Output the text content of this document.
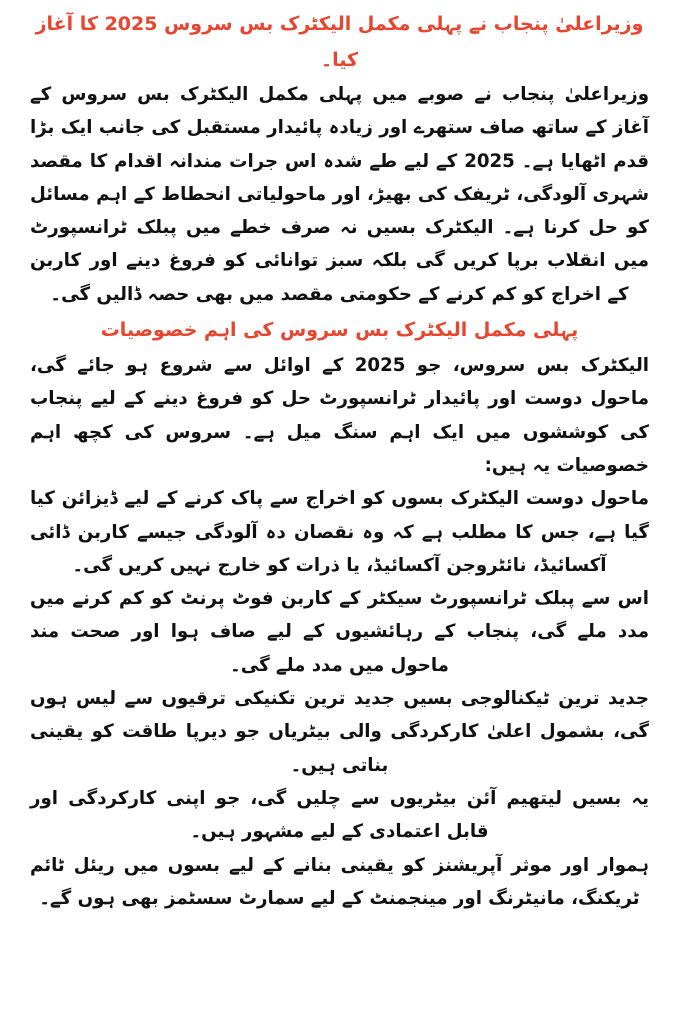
وزیراعلیٰ پنجاب نے پہلی مکمل الیکٹرک بس سروس 2025 کا آغاز کیا۔

وزیراعلیٰ پنجاب نے صوبے میں پہلی مکمل الیکٹرک بس سروس کے آغاز کے ساتھ صاف ستھرے اور زیادہ پائیدار مستقبل کی جانب ایک بڑا قدم اٹھایا ہے۔ 2025 کے لیے طے شدہ اس جرات مندانہ اقدام کا مقصد شہری آلودگی، ٹریفک کی بھیڑ، اور ماحولیاتی انحطاط کے اہم مسائل کو حل کرنا ہے۔ الیکٹرک بسیں نہ صرف خطے میں پبلک ٹرانسپورٹ میں انقلاب برپا کریں گی بلکہ سبز توانائی کو فروغ دینے اور کاربن کے اخراج کو کم کرنے کے حکومتی مقصد میں بھی حصہ ڈالیں گی۔

پہلی مکمل الیکٹرک بس سروس کی اہم خصوصیات

الیکٹرک بس سروس، جو 2025 کے اوائل سے شروع ہو جائے گی، ماحول دوست اور پائیدار ٹرانسپورٹ حل کو فروغ دینے کے لیے پنجاب کی کوششوں میں ایک اہم سنگ میل ہے۔ سروس کی کچھ اہم خصوصیات یہ ہیں:

ماحول دوست الیکٹرک بسوں کو اخراج سے پاک کرنے کے لیے ڈیزائن کیا گیا ہے، جس کا مطلب ہے کہ وہ نقصان دہ آلودگی جیسے کاربن ڈائی آکسائیڈ، نائٹروجن آکسائیڈ، یا ذرات کو خارج نہیں کریں گی۔

اس سے پبلک ٹرانسپورٹ سیکٹر کے کاربن فوٹ پرنٹ کو کم کرنے میں مدد ملے گی، پنجاب کے رہائشیوں کے لیے صاف ہوا اور صحت مند ماحول میں مدد ملے گی۔

جدید ترین ٹیکنالوجی بسیں جدید ترین تکنیکی ترقیوں سے لیس ہوں گی، بشمول اعلیٰ کارکردگی والی بیٹریاں جو دیرپا طاقت کو یقینی بناتی ہیں۔

یہ بسیں لیتھیم آئن بیٹریوں سے چلیں گی، جو اپنی کارکردگی اور قابل اعتمادی کے لیے مشہور ہیں۔

ہموار اور موثر آپریشنز کو یقینی بنانے کے لیے بسوں میں ریئل ٹائم ٹریکنگ، مانیٹرنگ اور مینجمنٹ کے لیے سمارٹ سسٹمز بھی ہوں گے۔
